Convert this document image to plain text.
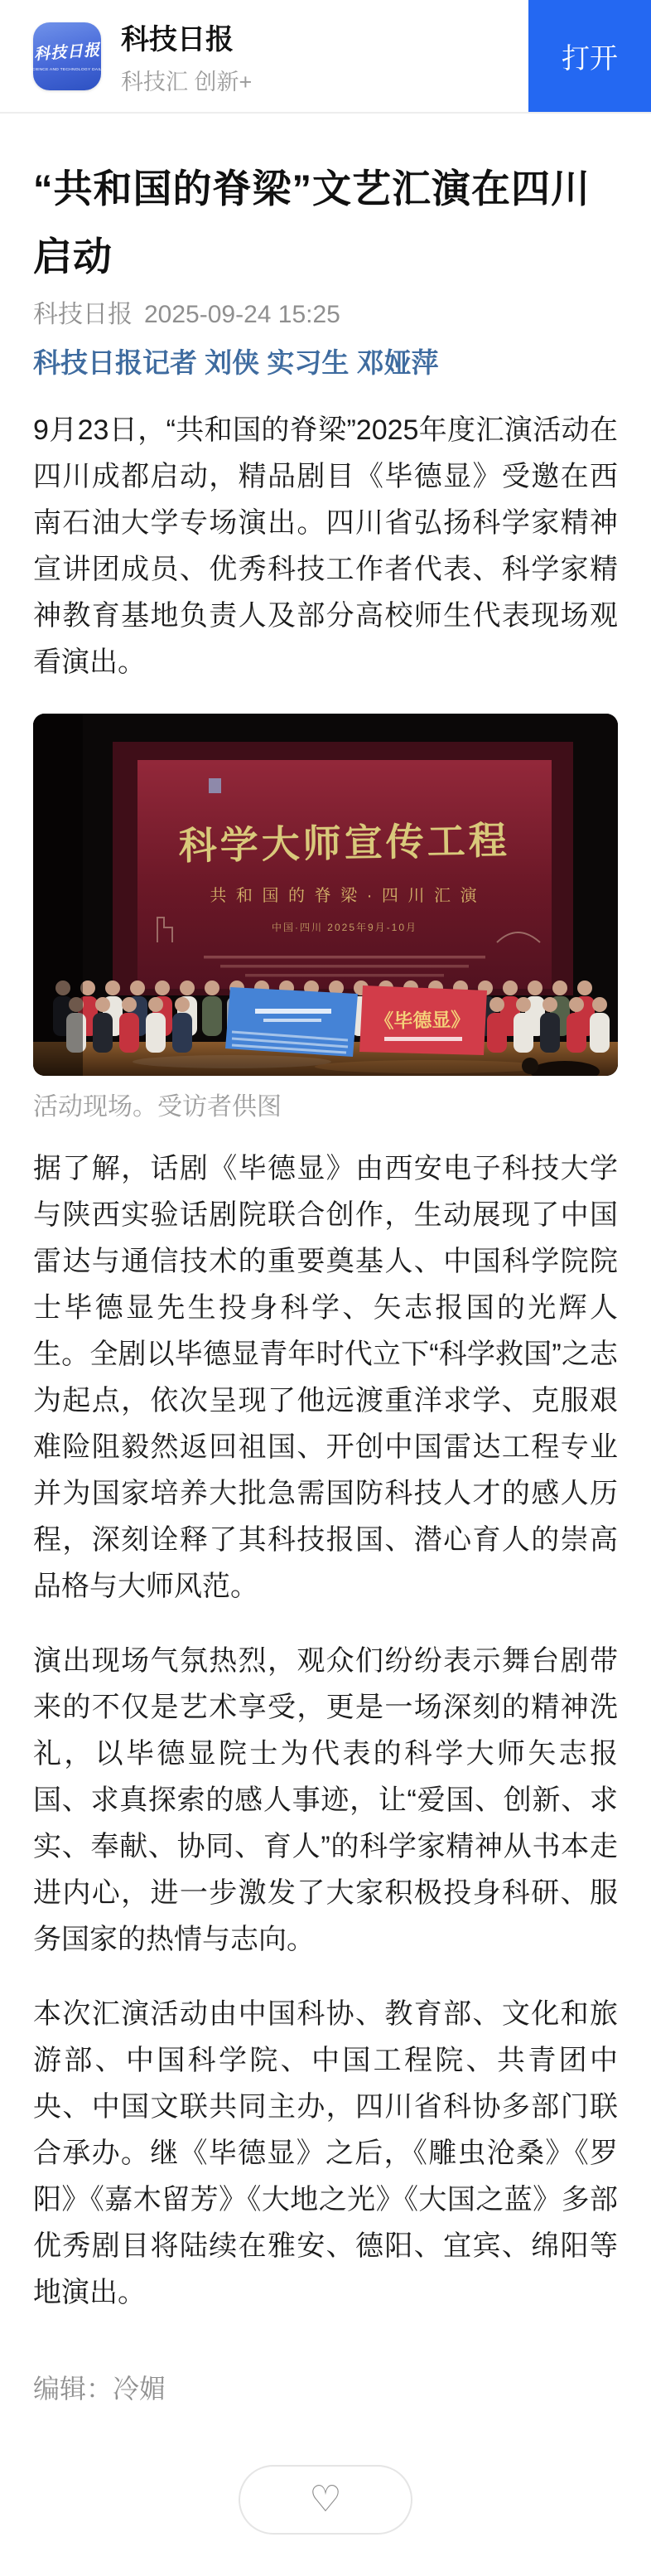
科技日报
SCIENCE AND TECHNOLOGY DAILY
科技日报
科技汇 创新+
打开
“共和国的脊梁”文艺汇演在四川启动
科技日报 2025-09-24 15:25
科技日报记者 刘侠 实习生 邓娅萍

9月23日，“共和国的脊梁”2025年度汇演活动在四川成都启动，精品剧目《毕德显》受邀在西南石油大学专场演出。四川省弘扬科学家精神宣讲团成员、优秀科技工作者代表、科学家精神教育基地负责人及部分高校师生代表现场观看演出。

科学大师宣传工程
共 和 国 的 脊 梁 · 四 川 汇 演
中国·四川 2025年9月-10月
《毕德显》
活动现场。受访者供图

据了解，话剧《毕德显》由西安电子科技大学与陕西实验话剧院联合创作，生动展现了中国雷达与通信技术的重要奠基人、中国科学院院士毕德显先生投身科学、矢志报国的光辉人生。全剧以毕德显青年时代立下“科学救国”之志为起点，依次呈现了他远渡重洋求学、克服艰难险阻毅然返回祖国、开创中国雷达工程专业并为国家培养大批急需国防科技人才的感人历程，深刻诠释了其科技报国、潜心育人的崇高品格与大师风范。

演出现场气氛热烈，观众们纷纷表示舞台剧带来的不仅是艺术享受，更是一场深刻的精神洗礼，以毕德显院士为代表的科学大师矢志报国、求真探索的感人事迹，让“爱国、创新、求实、奉献、协同、育人”的科学家精神从书本走进内心，进一步激发了大家积极投身科研、服务国家的热情与志向。

本次汇演活动由中国科协、教育部、文化和旅游部、中国科学院、中国工程院、共青团中央、中国文联共同主办，四川省科协多部门联合承办。继《毕德显》之后，《雕虫沧桑》《罗阳》《嘉木留芳》《大地之光》《大国之蓝》多部优秀剧目将陆续在雅安、德阳、宜宾、绵阳等地演出。

编辑：冷媚
♡
